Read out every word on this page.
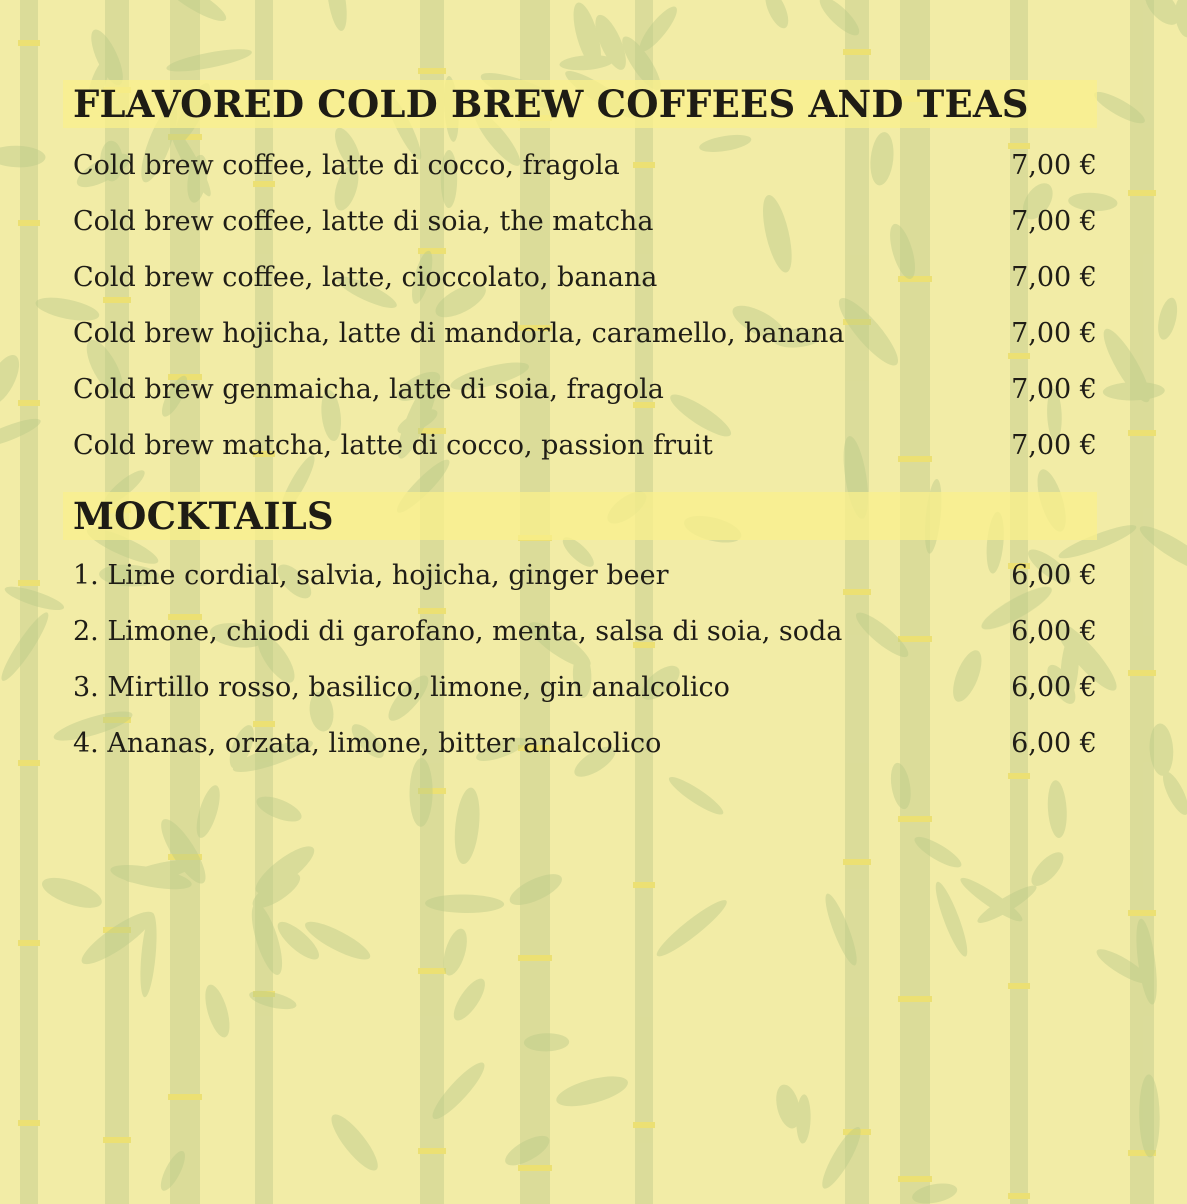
FLAVORED COLD BREW COFFEES AND TEAS
Cold brew coffee, latte di cocco, fragola	7,00 €
Cold brew coffee, latte di soia, the matcha	7,00 €
Cold brew coffee, latte, cioccolato, banana	7,00 €
Cold brew hojicha, latte di mandorla, caramello, banana	7,00 €
Cold brew genmaicha, latte di soia, fragola	7,00 €
Cold brew matcha, latte di cocco, passion fruit	7,00 €
MOCKTAILS
1. Lime cordial, salvia, hojicha, ginger beer	6,00 €
2. Limone, chiodi di garofano, menta, salsa di soia, soda	6,00 €
3. Mirtillo rosso, basilico, limone, gin analcolico	6,00 €
4. Ananas, orzata, limone, bitter analcolico	6,00 €
